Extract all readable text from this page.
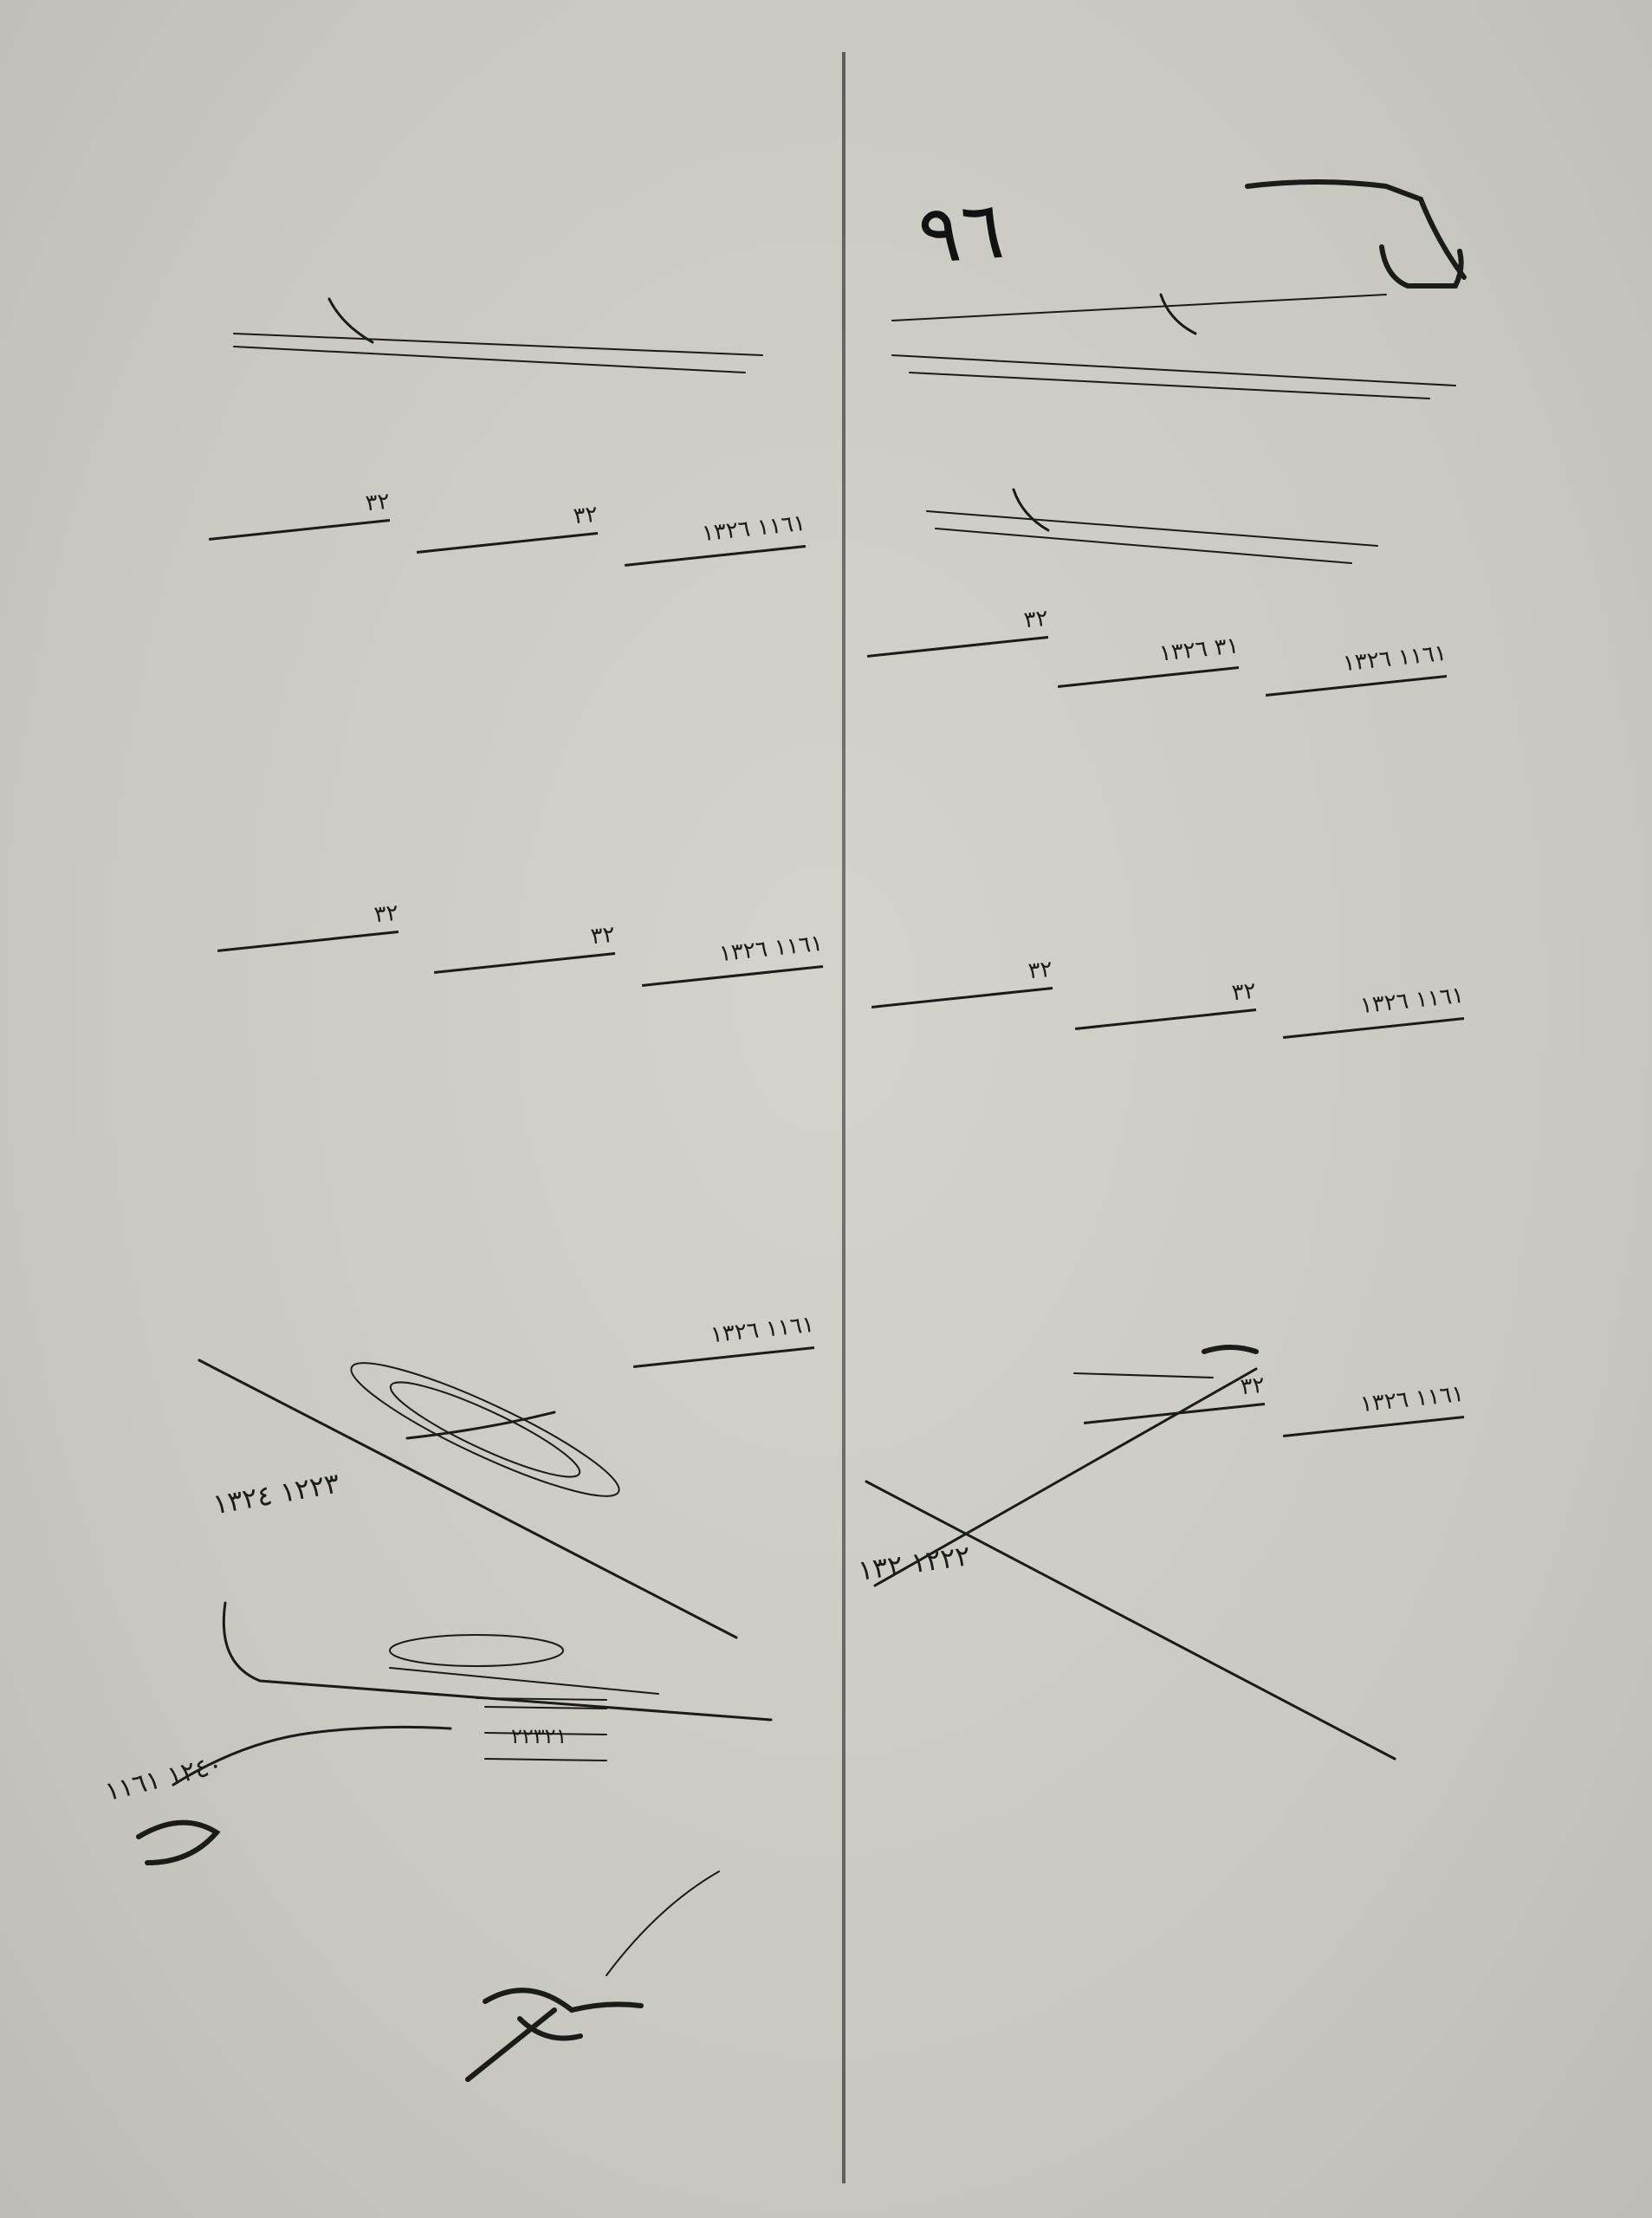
٩٦
١١٦١ ١٣٢٦
٣١ ١٣٢٦
٣٢
١١٦١ ١٣٢٦
٣٢
٣٢
١١٦١ ١٣٢٦
٣٢
١٢٢٢ ١٣٢
١١٦١ ١٣٢٦
٣٢
٣٢
١١٦١ ١٣٢٦
٣٢
٣٢
١١٦١ ١٣٢٦
١٢٢٣ ١٣٢٤
٢٢٣٢١
١٢٤٠ ١١٦١
